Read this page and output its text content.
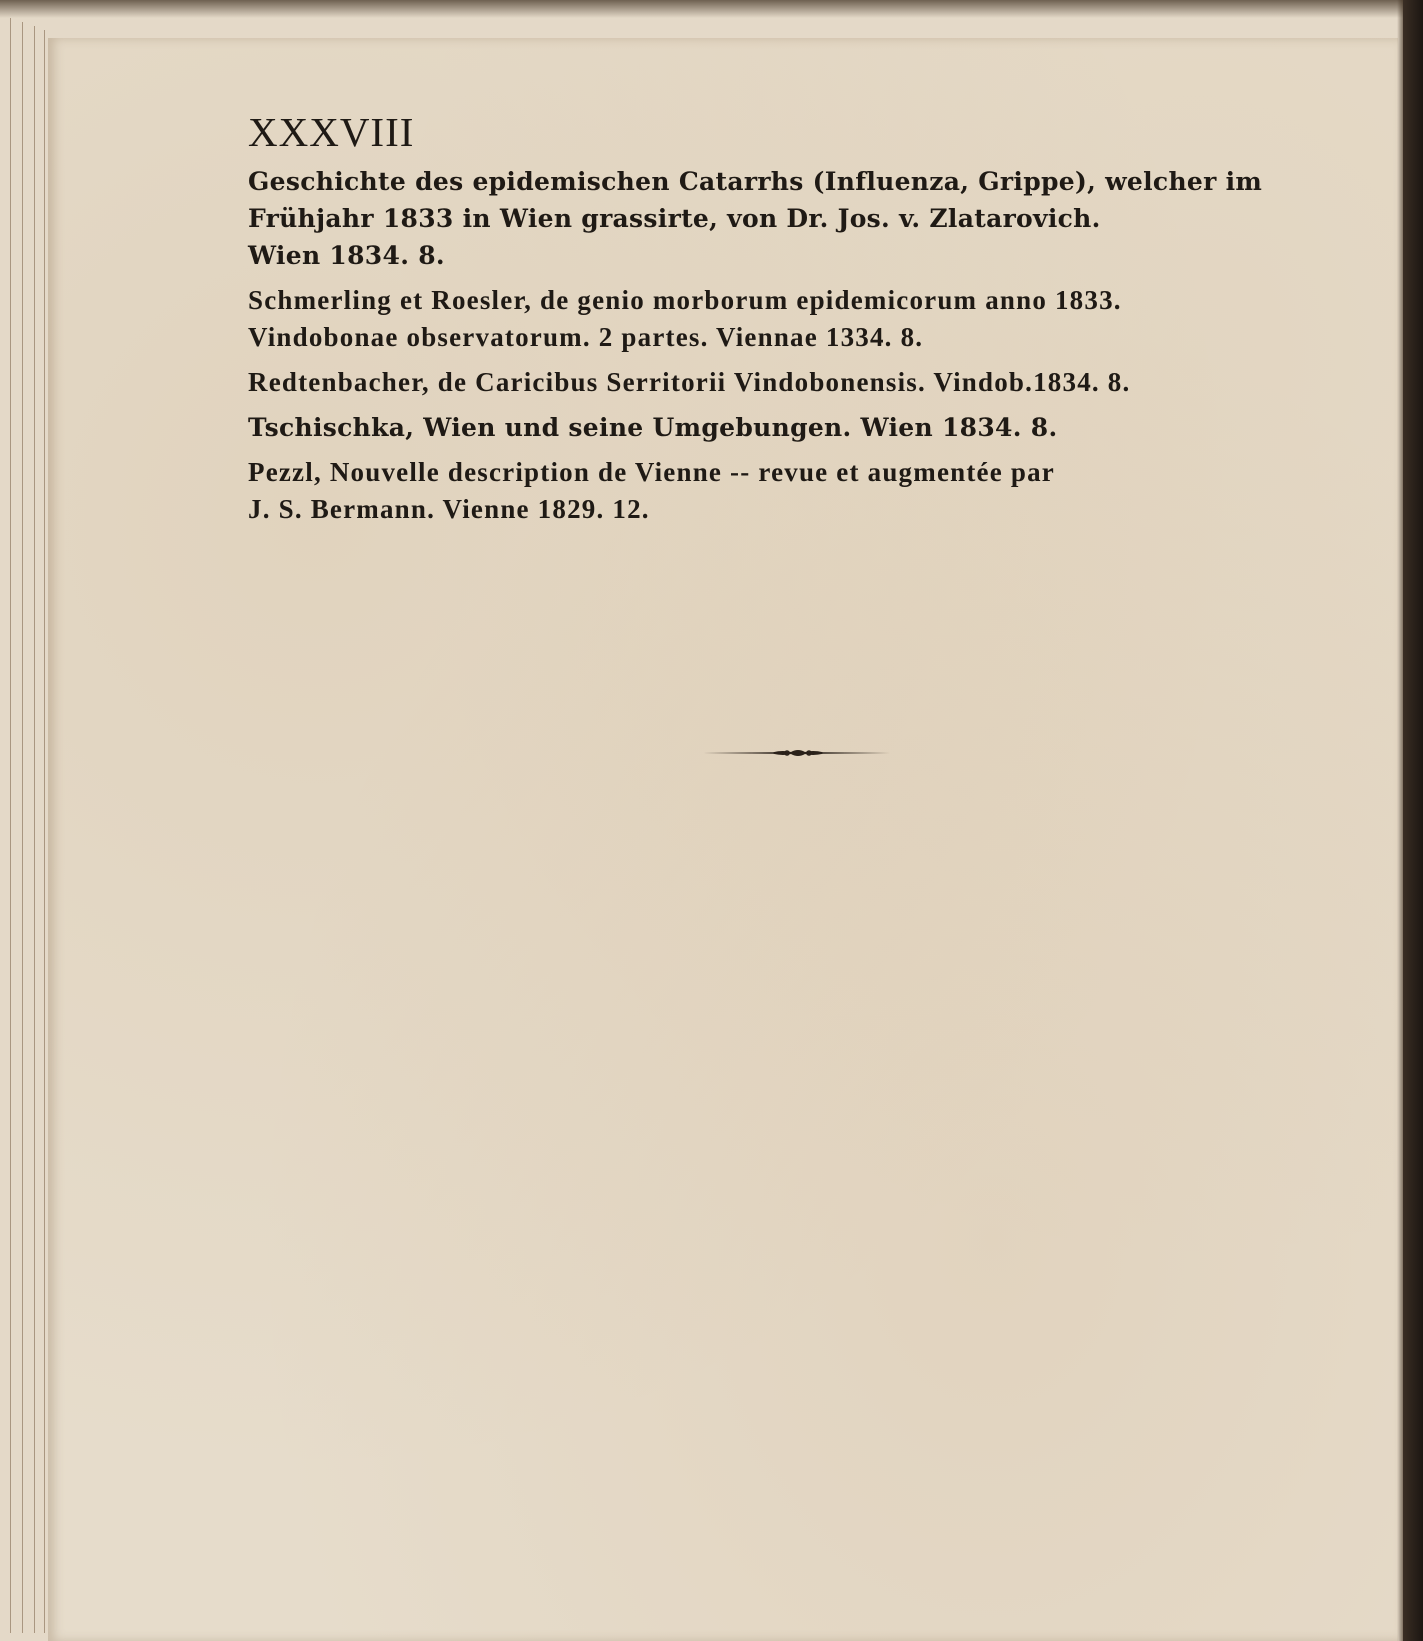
XXXVIII
Geschichte des epidemischen Catarrhs (Influenza, Grippe), welcher im
Frühjahr 1833 in Wien grassirte, von Dr. Jos. v. Zlatarovich.
Wien 1834. 8.
Schmerling et Roesler, de genio morborum epidemicorum anno 1833.
Vindobonae observatorum. 2 partes. Viennae 1334. 8.
Redtenbacher, de Caricibus Serritorii Vindobonensis. Vindob.1834. 8.
Tschischka, Wien und seine Umgebungen. Wien 1834. 8.
Pezzl, Nouvelle description de Vienne -- revue et augmentée par
J. S. Bermann. Vienne 1829. 12.
